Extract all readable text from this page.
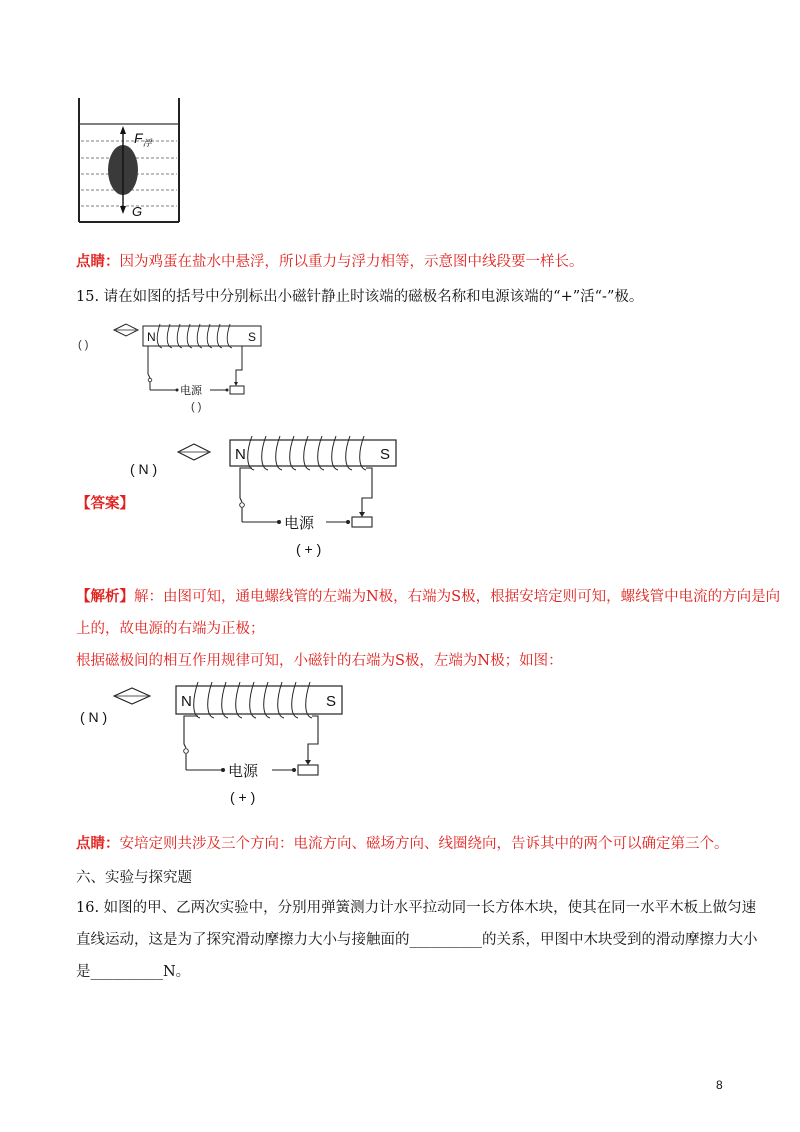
$F_浮$
G
点睛：因为鸡蛋在盐水中悬浮，所以重力与浮力相等，示意图中线段要一样长。
15. 请在如图的括号中分别标出小磁针静止时该端的磁极名称和电源该端的“+”活“-”极。
( )
N	S
电源
( )
( N )
N	S
电源
( + )
【答案】
【解析】解：由图可知，通电螺线管的左端为N极，右端为S极，根据安培定则可知，螺线管中电流的方向是向
上的，故电源的右端为正极；
根据磁极间的相互作用规律可知，小磁针的右端为S极，左端为N极；如图：
( N )
N	S
电源
( + )
点睛：安培定则共涉及三个方向：电流方向、磁场方向、线圈绕向，告诉其中的两个可以确定第三个。
六、实验与探究题
16. 如图的甲、乙两次实验中，分别用弹簧测力计水平拉动同一长方体木块，使其在同一水平木板上做匀速
直线运动，这是为了探究滑动摩擦力大小与接触面的__________的关系，甲图中木块受到的滑动摩擦力大小
是__________N。
8
